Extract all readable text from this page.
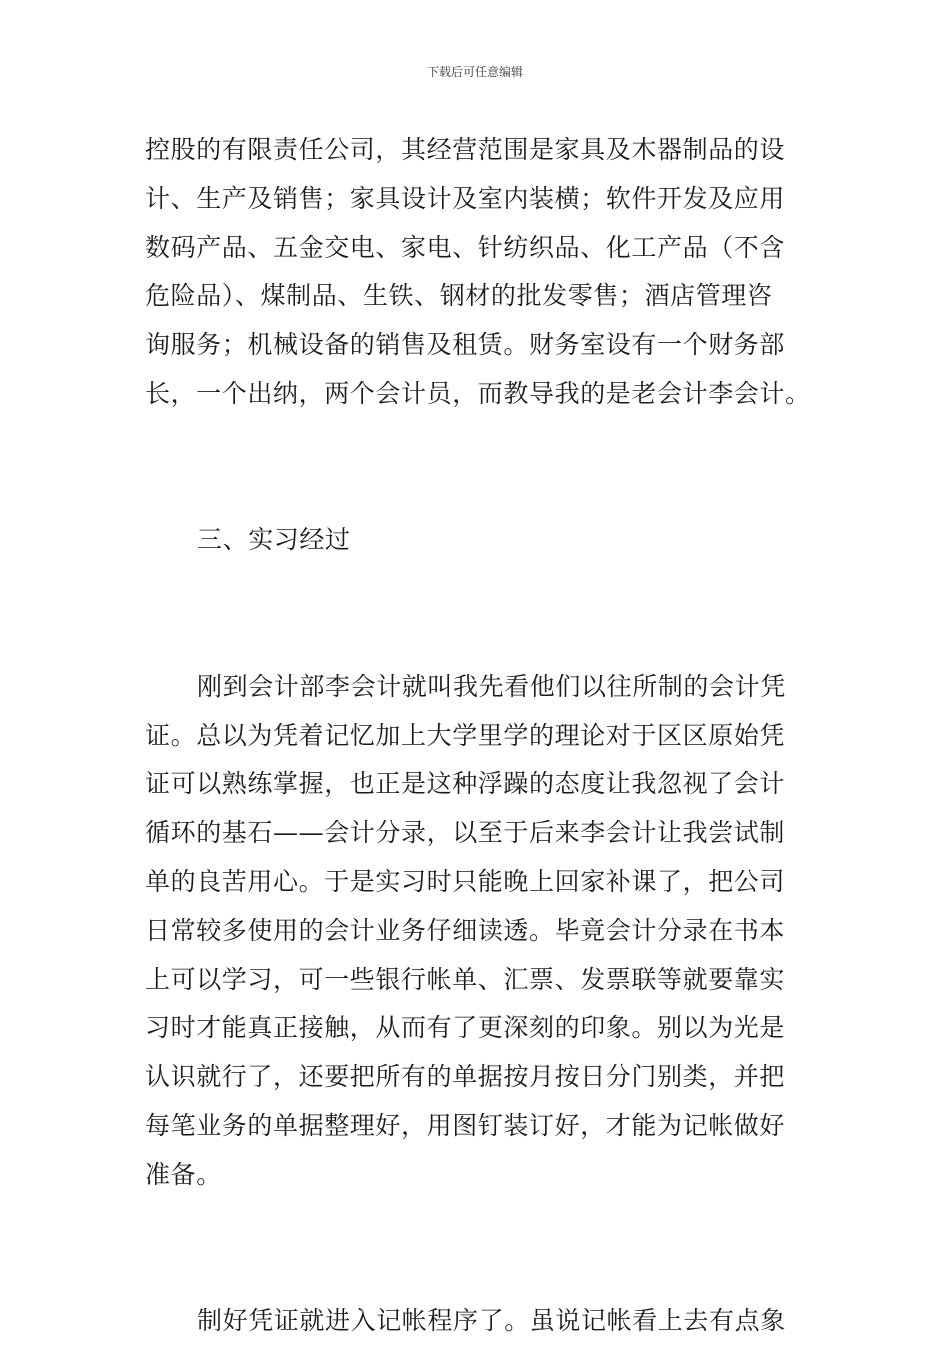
下载后可任意编辑
控股的有限责任公司，其经营范围是家具及木器制品的设
计、生产及销售；家具设计及室内装横；软件开发及应用
数码产品、五金交电、家电、针纺织品、化工产品（不含
危险品）、煤制品、生铁、钢材的批发零售；酒店管理咨
询服务；机械设备的销售及租赁。财务室设有一个财务部
长，一个出纳，两个会计员，而教导我的是老会计李会计。
三、实习经过
刚到会计部李会计就叫我先看他们以往所制的会计凭
证。总以为凭着记忆加上大学里学的理论对于区区原始凭
证可以熟练掌握，也正是这种浮躁的态度让我忽视了会计
循环的基石——会计分录，以至于后来李会计让我尝试制
单的良苦用心。于是实习时只能晚上回家补课了，把公司
日常较多使用的会计业务仔细读透。毕竟会计分录在书本
上可以学习，可一些银行帐单、汇票、发票联等就要靠实
习时才能真正接触，从而有了更深刻的印象。别以为光是
认识就行了，还要把所有的单据按月按日分门别类，并把
每笔业务的单据整理好，用图钉装订好，才能为记帐做好
准备。
制好凭证就进入记帐程序了。虽说记帐看上去有点象
